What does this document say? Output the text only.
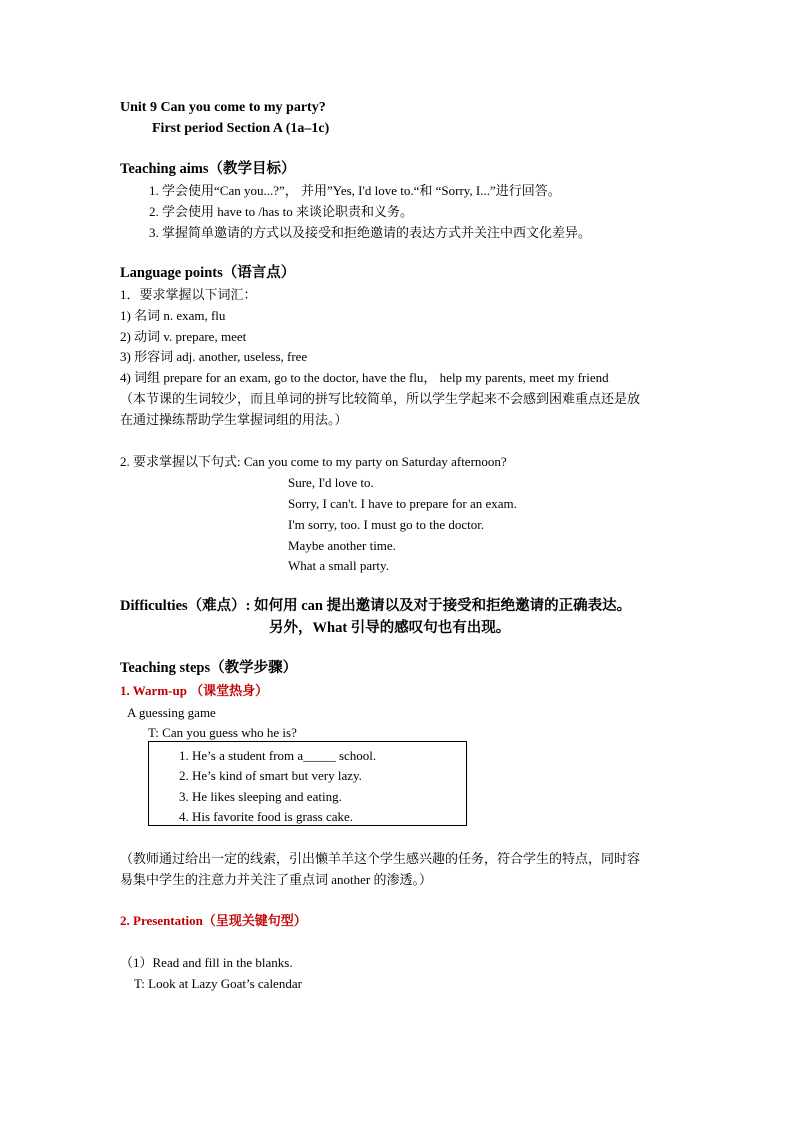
Unit 9 Can you come to my party?
First period Section A (1a–1c)
Teaching aims（教学目标）
1. 学会使用“Can you...?”， 并用”Yes, I'd love to.“和 “Sorry, I...”进行回答。
2. 学会使用 have to /has to 来谈论职责和义务。
3. 掌握简单邀请的方式以及接受和拒绝邀请的表达方式并关注中西文化差异。
Language points（语言点）
1．要求掌握以下词汇：
1) 名词 n. exam, flu
2) 动词 v. prepare, meet
3) 形容词 adj. another, useless, free
4) 词组 prepare for an exam, go to the doctor, have the flu， help my parents, meet my friend
（本节课的生词较少，而且单词的拼写比较简单，所以学生学起来不会感到困难重点还是放
在通过操练帮助学生掌握词组的用法。）
2. 要求掌握以下句式: Can you come to my party on Saturday afternoon?
Sure, I'd love to.
Sorry, I can't. I have to prepare for an exam.
I'm sorry, too. I must go to the doctor.
Maybe another time.
What a small party.
Difficulties（难点）: 如何用 can 提出邀请以及对于接受和拒绝邀请的正确表达。
另外，What 引导的感叹句也有出现。
Teaching steps（教学步骤）
1. Warm-up （课堂热身）
A guessing game
T: Can you guess who he is?
1. He’s a student from a_____ school.
2. He’s kind of smart but very lazy.
3. He likes sleeping and eating.
4. His favorite food is grass cake.
（教师通过给出一定的线索，引出懒羊羊这个学生感兴趣的任务，符合学生的特点，同时容
易集中学生的注意力并关注了重点词 another 的渗透。）
2. Presentation（呈现关键句型）
（1）Read and fill in the blanks.
T: Look at Lazy Goat’s calendar
